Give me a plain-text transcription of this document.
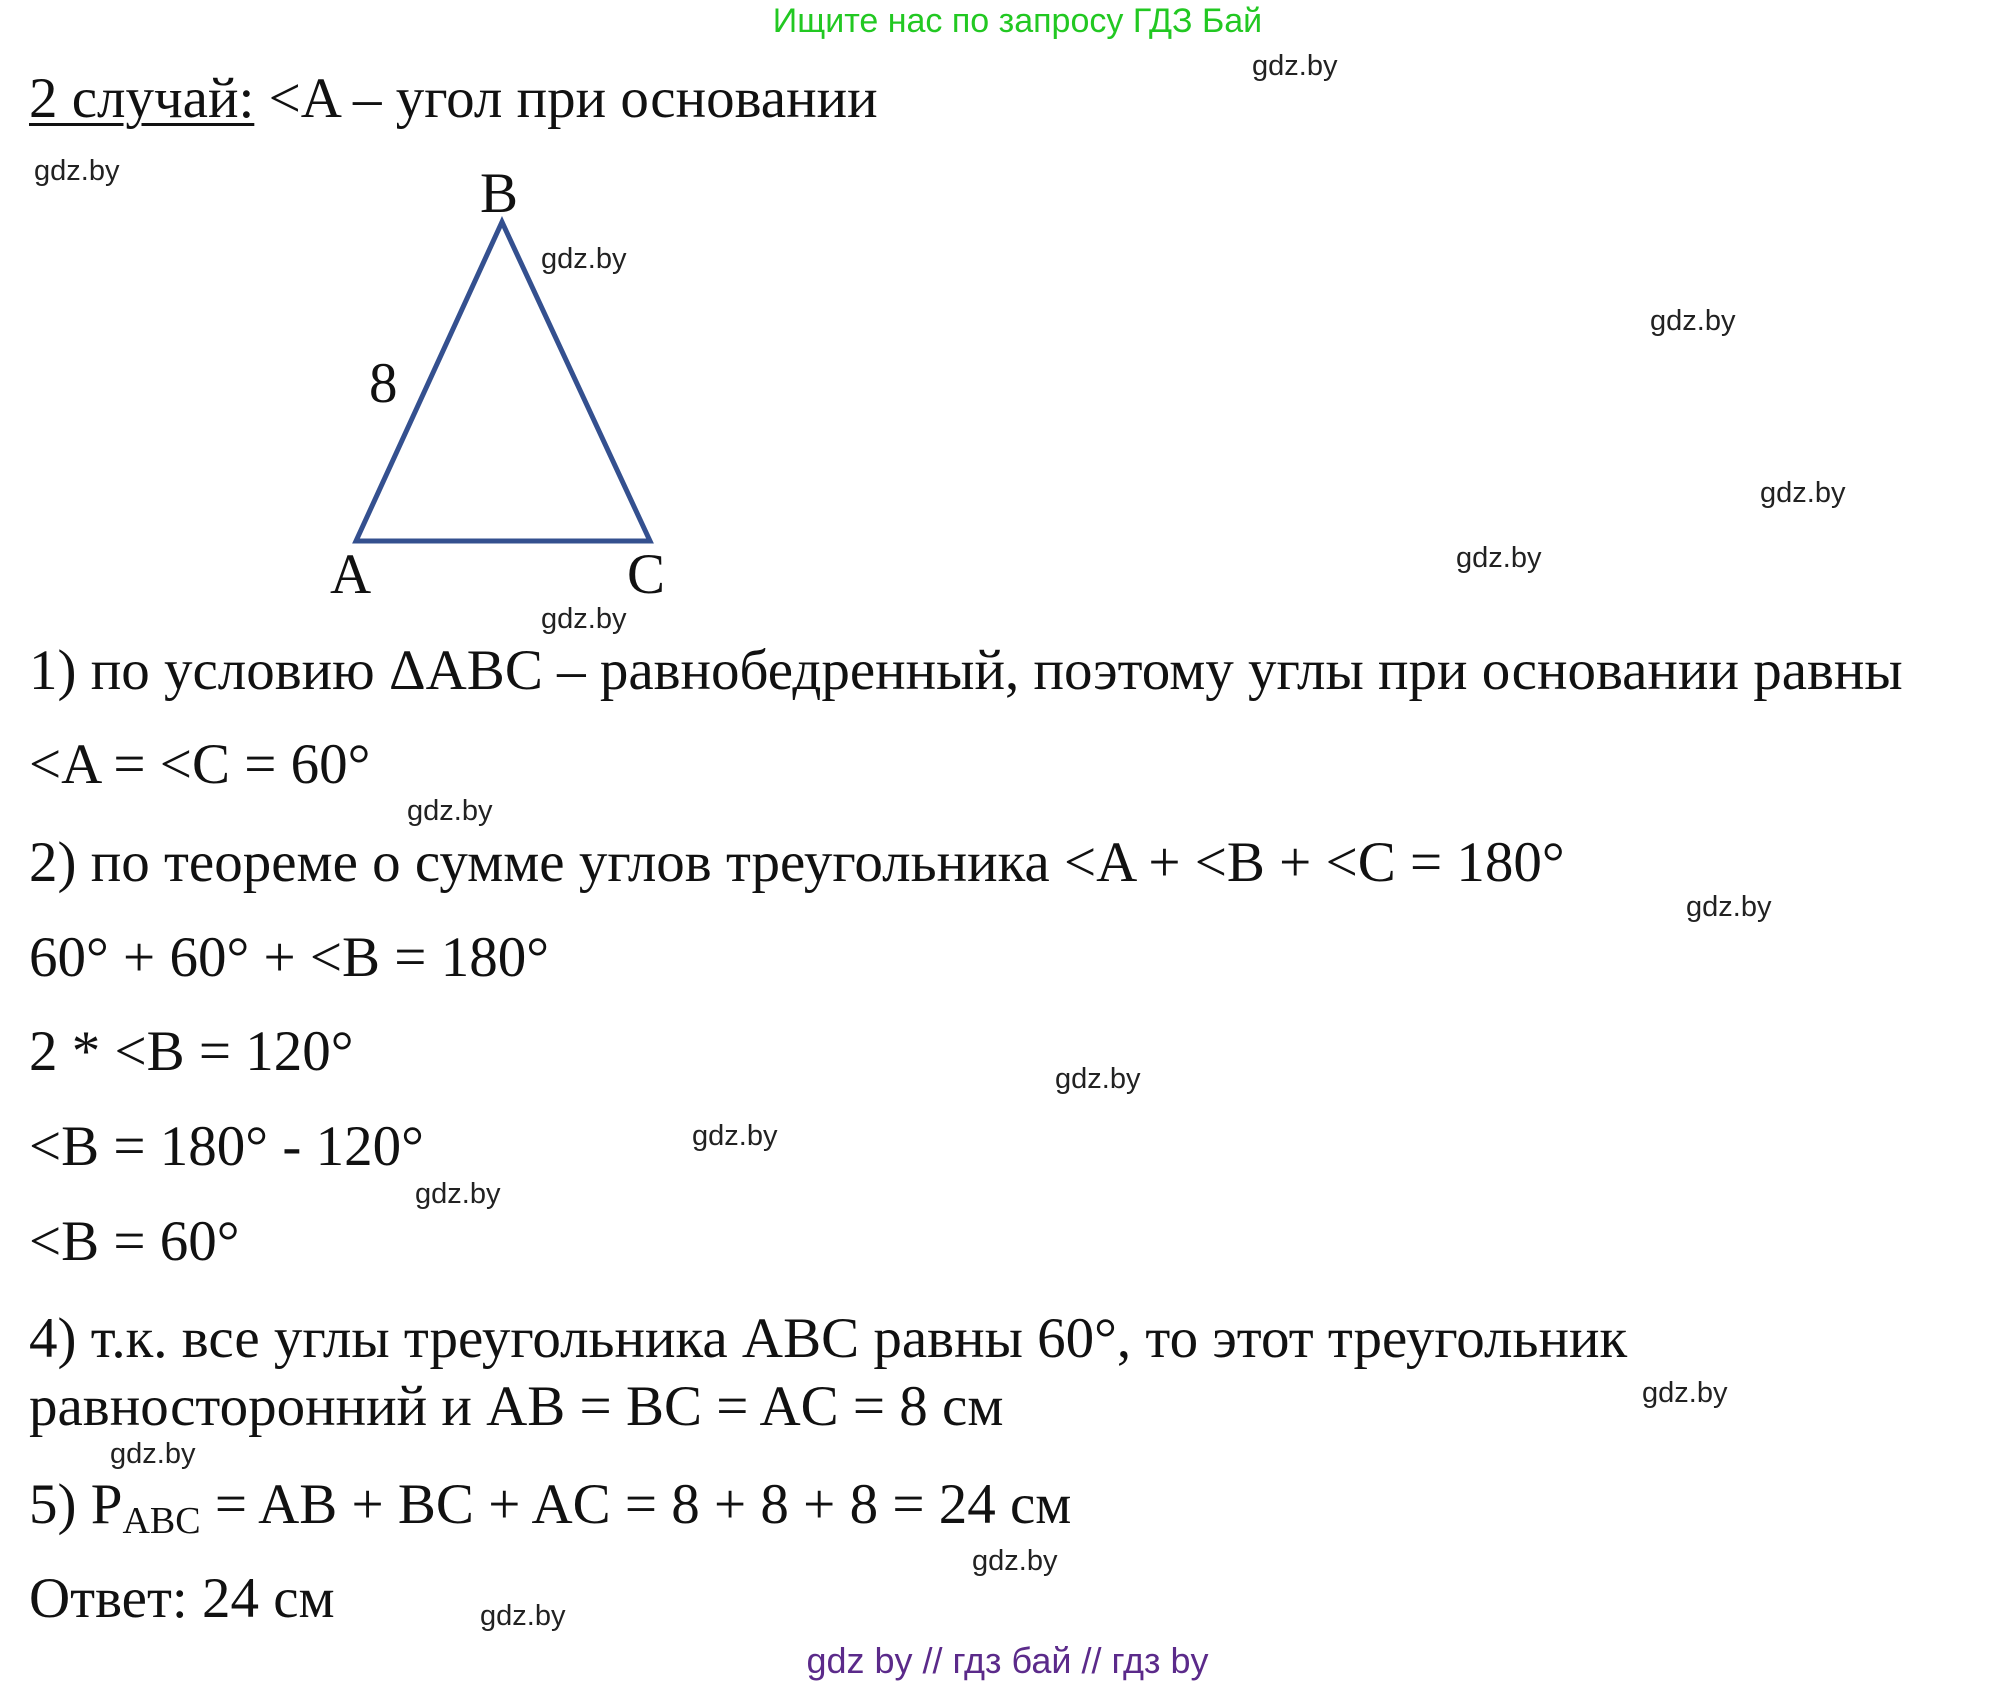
Ищите нас по запросу ГДЗ Бай
2 случай: <A – угол при основании
B
A	C
8
1) по условию ΔABC – равнобедренный, поэтому углы при основании равны
<A = <C = 60°
2) по теореме о сумме углов треугольника <A + <B + <C = 180°
60° + 60° + <B = 180°
2 * <B = 120°
<B = 180° - 120°
<B = 60°
4) т.к. все углы треугольника ABC равны 60°, то этот треугольник
равносторонний и AB = BC = AC = 8 см
5) $P_{ABC}$ = AB + BC + AC = 8 + 8 + 8 = 24 см
Ответ: 24 см
gdz.by
gdz.by
gdz.by
gdz.by
gdz.by
gdz.by
gdz.by
gdz.by
gdz.by
gdz.by
gdz.by
gdz.by
gdz.by
gdz.by
gdz.by
gdz.by
gdz by // гдз бай // гдз by
